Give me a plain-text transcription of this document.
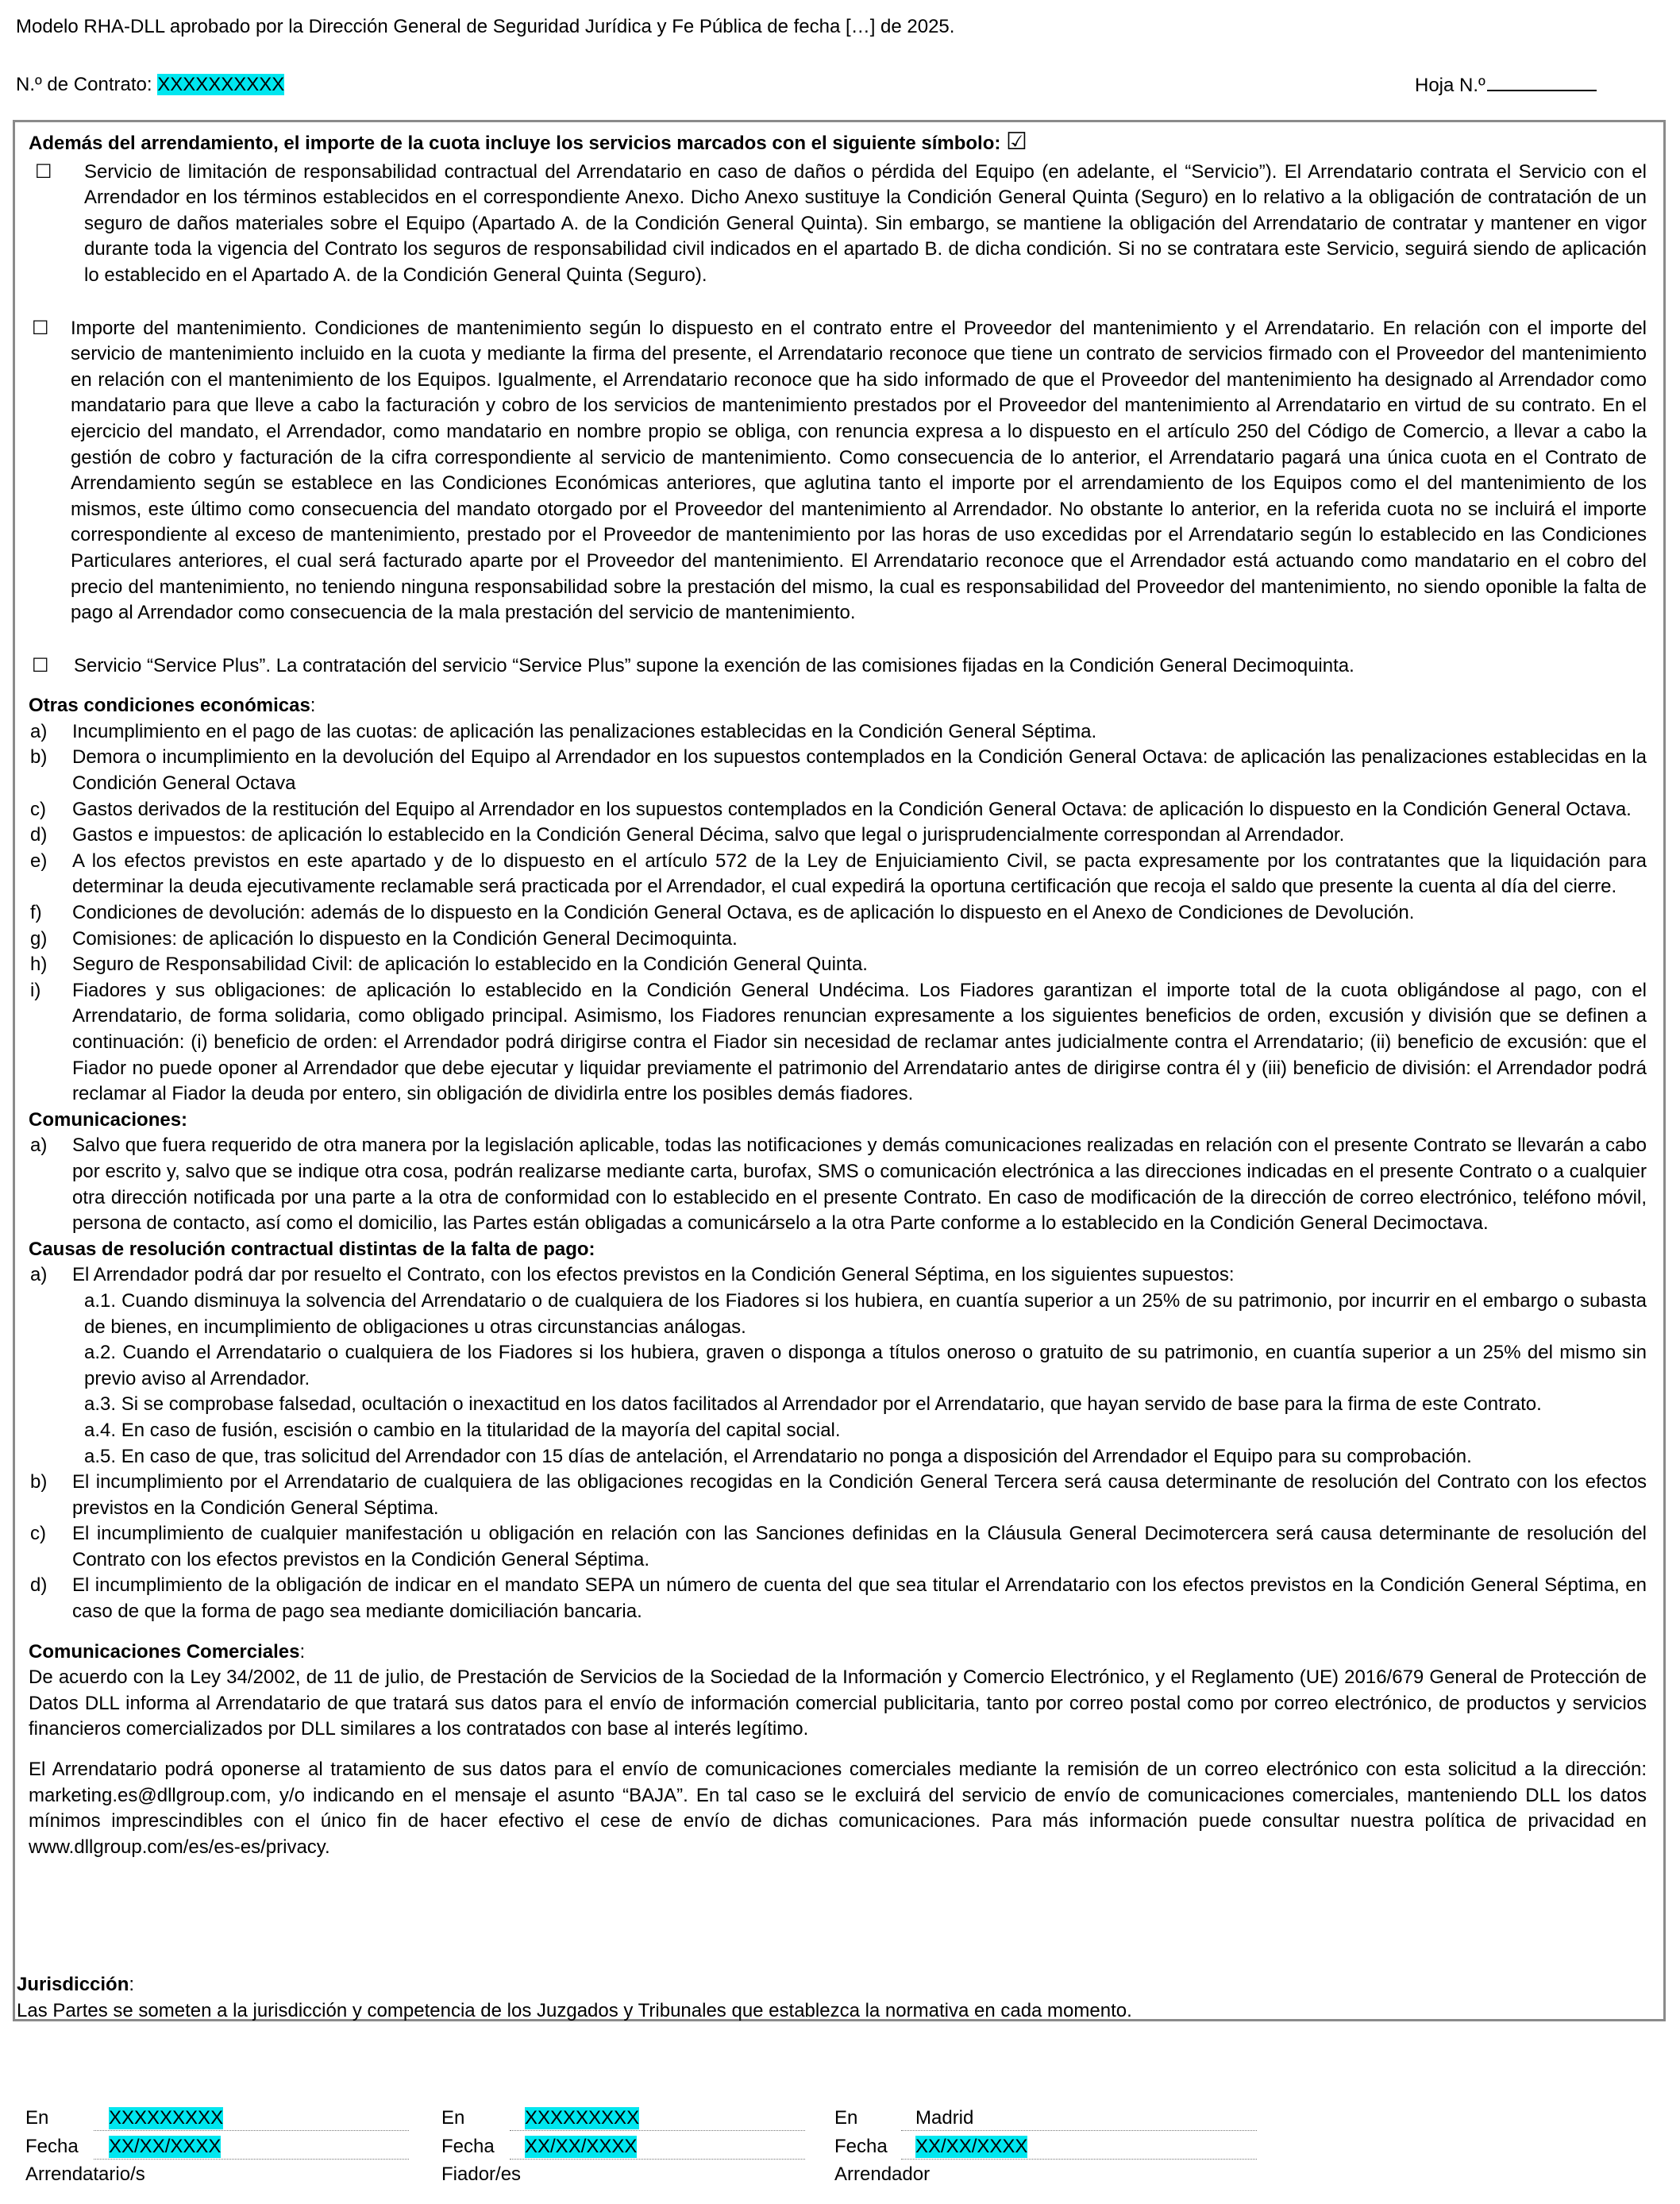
Modelo RHA-DLL aprobado por la Dirección General de Seguridad Jurídica y Fe Pública de fecha […] de 2025.
N.º de Contrato: XXXXXXXXXX	Hoja N.º

Además del arrendamiento, el importe de la cuota incluye los servicios marcados con el siguiente símbolo: ☑

☐ Servicio de limitación de responsabilidad contractual del Arrendatario en caso de daños o pérdida del Equipo (en adelante, el “Servicio”). El Arrendatario contrata el Servicio con el Arrendador en los términos establecidos en el correspondiente Anexo. Dicho Anexo sustituye la Condición General Quinta (Seguro) en lo relativo a la obligación de contratación de un seguro de daños materiales sobre el Equipo (Apartado A. de la Condición General Quinta). Sin embargo, se mantiene la obligación del Arrendatario de contratar y mantener en vigor durante toda la vigencia del Contrato los seguros de responsabilidad civil indicados en el apartado B. de dicha condición. Si no se contratara este Servicio, seguirá siendo de aplicación lo establecido en el Apartado A. de la Condición General Quinta (Seguro).
☐ Importe del mantenimiento. Condiciones de mantenimiento según lo dispuesto en el contrato entre el Proveedor del mantenimiento y el Arrendatario. En relación con el importe del servicio de mantenimiento incluido en la cuota y mediante la firma del presente, el Arrendatario reconoce que tiene un contrato de servicios firmado con el Proveedor del mantenimiento en relación con el mantenimiento de los Equipos. Igualmente, el Arrendatario reconoce que ha sido informado de que el Proveedor del mantenimiento ha designado al Arrendador como mandatario para que lleve a cabo la facturación y cobro de los servicios de mantenimiento prestados por el Proveedor del mantenimiento al Arrendatario en virtud de su contrato. En el ejercicio del mandato, el Arrendador, como mandatario en nombre propio se obliga, con renuncia expresa a lo dispuesto en el artículo 250 del Código de Comercio, a llevar a cabo la gestión de cobro y facturación de la cifra correspondiente al servicio de mantenimiento. Como consecuencia de lo anterior, el Arrendatario pagará una única cuota en el Contrato de Arrendamiento según se establece en las Condiciones Económicas anteriores, que aglutina tanto el importe por el arrendamiento de los Equipos como el del mantenimiento de los mismos, este último como consecuencia del mandato otorgado por el Proveedor del mantenimiento al Arrendador. No obstante lo anterior, en la referida cuota no se incluirá el importe correspondiente al exceso de mantenimiento, prestado por el Proveedor de mantenimiento por las horas de uso excedidas por el Arrendatario según lo establecido en las Condiciones Particulares anteriores, el cual será facturado aparte por el Proveedor del mantenimiento. El Arrendatario reconoce que el Arrendador está actuando como mandatario en el cobro del precio del mantenimiento, no teniendo ninguna responsabilidad sobre la prestación del mismo, la cual es responsabilidad del Proveedor del mantenimiento, no siendo oponible la falta de pago al Arrendador como consecuencia de la mala prestación del servicio de mantenimiento.
☐ Servicio “Service Plus”. La contratación del servicio “Service Plus” supone la exención de las comisiones fijadas en la Condición General Decimoquinta.

Otras condiciones económicas:

a) Incumplimiento en el pago de las cuotas: de aplicación las penalizaciones establecidas en la Condición General Séptima.
b) Demora o incumplimiento en la devolución del Equipo al Arrendador en los supuestos contemplados en la Condición General Octava: de aplicación las penalizaciones establecidas en la Condición General Octava
c) Gastos derivados de la restitución del Equipo al Arrendador en los supuestos contemplados en la Condición General Octava: de aplicación lo dispuesto en la Condición General Octava.
d) Gastos e impuestos: de aplicación lo establecido en la Condición General Décima, salvo que legal o jurisprudencialmente correspondan al Arrendador.
e) A los efectos previstos en este apartado y de lo dispuesto en el artículo 572 de la Ley de Enjuiciamiento Civil, se pacta expresamente por los contratantes que la liquidación para determinar la deuda ejecutivamente reclamable será practicada por el Arrendador, el cual expedirá la oportuna certificación que recoja el saldo que presente la cuenta al día del cierre.
f) Condiciones de devolución: además de lo dispuesto en la Condición General Octava, es de aplicación lo dispuesto en el Anexo de Condiciones de Devolución.
g) Comisiones: de aplicación lo dispuesto en la Condición General Decimoquinta.
h) Seguro de Responsabilidad Civil: de aplicación lo establecido en la Condición General Quinta.
i) Fiadores y sus obligaciones: de aplicación lo establecido en la Condición General Undécima. Los Fiadores garantizan el importe total de la cuota obligándose al pago, con el Arrendatario, de forma solidaria, como obligado principal. Asimismo, los Fiadores renuncian expresamente a los siguientes beneficios de orden, excusión y división que se definen a continuación: (i) beneficio de orden: el Arrendador podrá dirigirse contra el Fiador sin necesidad de reclamar antes judicialmente contra el Arrendatario; (ii) beneficio de excusión: que el Fiador no puede oponer al Arrendador que debe ejecutar y liquidar previamente el patrimonio del Arrendatario antes de dirigirse contra él y (iii) beneficio de división: el Arrendador podrá reclamar al Fiador la deuda por entero, sin obligación de dividirla entre los posibles demás fiadores.

Comunicaciones:

a) Salvo que fuera requerido de otra manera por la legislación aplicable, todas las notificaciones y demás comunicaciones realizadas en relación con el presente Contrato se llevarán a cabo por escrito y, salvo que se indique otra cosa, podrán realizarse mediante carta, burofax, SMS o comunicación electrónica a las direcciones indicadas en el presente Contrato o a cualquier otra dirección notificada por una parte a la otra de conformidad con lo establecido en el presente Contrato. En caso de modificación de la dirección de correo electrónico, teléfono móvil, persona de contacto, así como el domicilio, las Partes están obligadas a comunicárselo a la otra Parte conforme a lo establecido en la Condición General Decimoctava.

Causas de resolución contractual distintas de la falta de pago:

a) El Arrendador podrá dar por resuelto el Contrato, con los efectos previstos en la Condición General Séptima, en los siguientes supuestos:
a.1. Cuando disminuya la solvencia del Arrendatario o de cualquiera de los Fiadores si los hubiera, en cuantía superior a un 25% de su patrimonio, por incurrir en el embargo o subasta de bienes, en incumplimiento de obligaciones u otras circunstancias análogas.
a.2. Cuando el Arrendatario o cualquiera de los Fiadores si los hubiera, graven o disponga a títulos oneroso o gratuito de su patrimonio, en cuantía superior a un 25% del mismo sin previo aviso al Arrendador.
a.3. Si se comprobase falsedad, ocultación o inexactitud en los datos facilitados al Arrendador por el Arrendatario, que hayan servido de base para la firma de este Contrato.
a.4. En caso de fusión, escisión o cambio en la titularidad de la mayoría del capital social.
a.5. En caso de que, tras solicitud del Arrendador con 15 días de antelación, el Arrendatario no ponga a disposición del Arrendador el Equipo para su comprobación.
b) El incumplimiento por el Arrendatario de cualquiera de las obligaciones recogidas en la Condición General Tercera será causa determinante de resolución del Contrato con los efectos previstos en la Condición General Séptima.
c) El incumplimiento de cualquier manifestación u obligación en relación con las Sanciones definidas en la Cláusula General Decimotercera será causa determinante de resolución del Contrato con los efectos previstos en la Condición General Séptima.
d) El incumplimiento de la obligación de indicar en el mandato SEPA un número de cuenta del que sea titular el Arrendatario con los efectos previstos en la Condición General Séptima, en caso de que la forma de pago sea mediante domiciliación bancaria.

Comunicaciones Comerciales:

De acuerdo con la Ley 34/2002, de 11 de julio, de Prestación de Servicios de la Sociedad de la Información y Comercio Electrónico, y el Reglamento (UE) 2016/679 General de Protección de Datos DLL informa al Arrendatario de que tratará sus datos para el envío de información comercial publicitaria, tanto por correo postal como por correo electrónico, de productos y servicios financieros comercializados por DLL similares a los contratados con base al interés legítimo.

El Arrendatario podrá oponerse al tratamiento de sus datos para el envío de comunicaciones comerciales mediante la remisión de un correo electrónico con esta solicitud a la dirección: marketing.es@dllgroup.com, y/o indicando en el mensaje el asunto “BAJA”. En tal caso se le excluirá del servicio de envío de comunicaciones comerciales, manteniendo DLL los datos mínimos imprescindibles con el único fin de hacer efectivo el cese de envío de dichas comunicaciones. Para más información puede consultar nuestra política de privacidad en www.dllgroup.com/es/es-es/privacy.

Jurisdicción:

Las Partes se someten a la jurisdicción y competencia de los Juzgados y Tribunales que establezca la normativa en cada momento.

En	XXXXXXXXX
Fecha XX/XX/XXXX
Arrendatario/s
En	XXXXXXXXX
Fecha XX/XX/XXXX
Fiador/es
En	Madrid
Fecha XX/XX/XXXX
Arrendador
